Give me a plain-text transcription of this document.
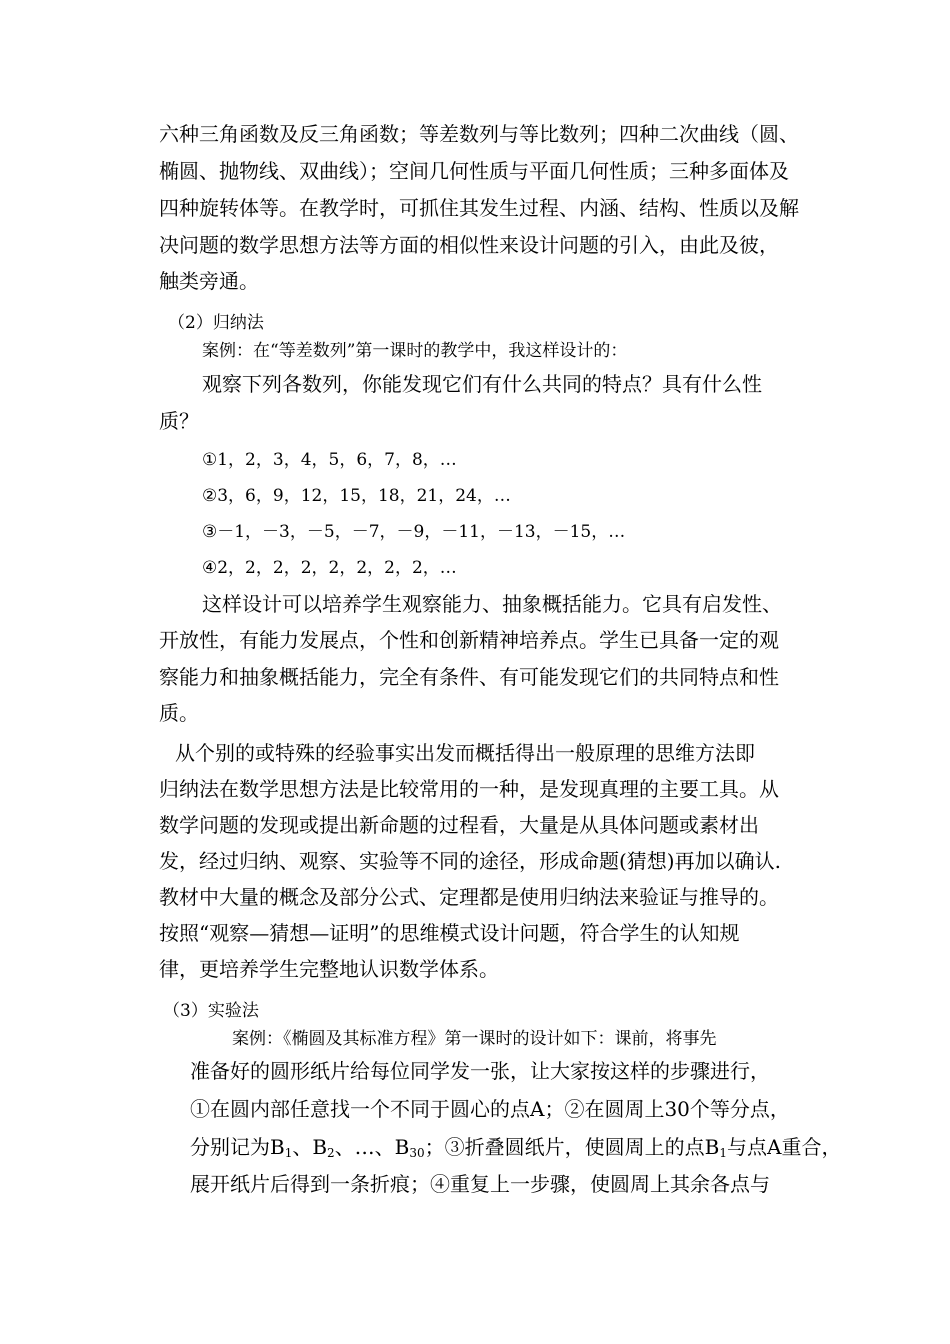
六种三角函数及反三角函数；等差数列与等比数列；四种二次曲线（圆、
椭圆、抛物线、双曲线）；空间几何性质与平面几何性质；三种多面体及
四种旋转体等。在教学时，可抓住其发生过程、内涵、结构、性质以及解
决问题的数学思想方法等方面的相似性来设计问题的引入，由此及彼，
触类旁通。
（2）归纳法
案例：在“等差数列”第一课时的教学中，我这样设计的：
观察下列各数列，你能发现它们有什么共同的特点？具有什么性
质？
①1，2，3，4，5，6，7，8，…
②3，6，9，12，15，18，21，24，…
③－1，－3，－5，－7，－9，－11，－13，－15，…
④2，2，2，2，2，2，2，2，…
这样设计可以培养学生观察能力、抽象概括能力。它具有启发性、
开放性，有能力发展点，个性和创新精神培养点。学生已具备一定的观
察能力和抽象概括能力，完全有条件、有可能发现它们的共同特点和性
质。
从个别的或特殊的经验事实出发而概括得出一般原理的思维方法即
归纳法在数学思想方法是比较常用的一种，是发现真理的主要工具。从
数学问题的发现或提出新命题的过程看，大量是从具体问题或素材出
发，经过归纳、观察、实验等不同的途径，形成命题(猜想)再加以确认.
教材中大量的概念及部分公式、定理都是使用归纳法来验证与推导的。
按照“观察—猜想—证明”的思维模式设计问题，符合学生的认知规
律，更培养学生完整地认识数学体系。
（3）实验法
案例：《椭圆及其标准方程》第一课时的设计如下：课前，将事先
准备好的圆形纸片给每位同学发一张，让大家按这样的步骤进行，
①在圆内部任意找一个不同于圆心的点A；②在圆周上30个等分点，
分别记为$B_1$、$B_2$、…、$B_{30}$；③折叠圆纸片，使圆周上的点$B_1$与点A重合，
展开纸片后得到一条折痕；④重复上一步骤，使圆周上其余各点与
